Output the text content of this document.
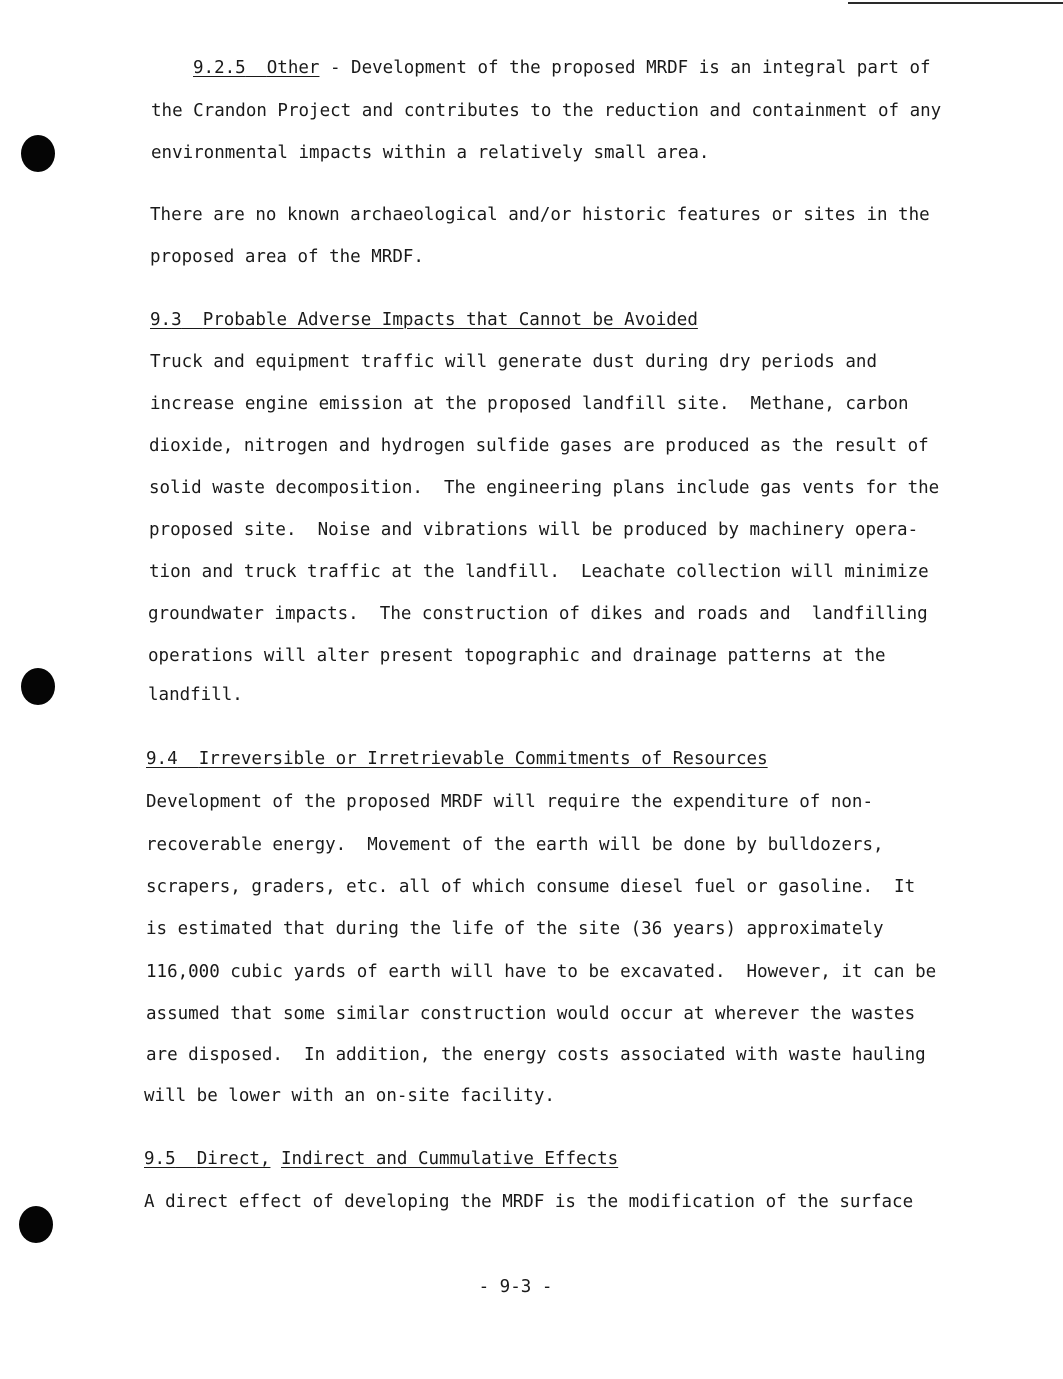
9.2.5 Other - Development of the proposed MRDF is an integral part of
the Crandon Project and contributes to the reduction and containment of any
environmental impacts within a relatively small area.
There are no known archaeological and/or historic features or sites in the
proposed area of the MRDF.
9.3 Probable Adverse Impacts that Cannot be Avoided
Truck and equipment traffic will generate dust during dry periods and
increase engine emission at the proposed landfill site.  Methane, carbon
dioxide, nitrogen and hydrogen sulfide gases are produced as the result of
solid waste decomposition.  The engineering plans include gas vents for the
proposed site.  Noise and vibrations will be produced by machinery opera-
tion and truck traffic at the landfill.  Leachate collection will minimize
groundwater impacts.  The construction of dikes and roads and  landfilling
operations will alter present topographic and drainage patterns at the
landfill.
9.4 Irreversible or Irretrievable Commitments of Resources
Development of the proposed MRDF will require the expenditure of non-
recoverable energy.  Movement of the earth will be done by bulldozers,
scrapers, graders, etc. all of which consume diesel fuel or gasoline.  It
is estimated that during the life of the site (36 years) approximately
116,000 cubic yards of earth will have to be excavated.  However, it can be
assumed that some similar construction would occur at wherever the wastes
are disposed.  In addition, the energy costs associated with waste hauling
will be lower with an on-site facility.
9.5 Direct, Indirect and Cummulative Effects
A direct effect of developing the MRDF is the modification of the surface
- 9-3 -
